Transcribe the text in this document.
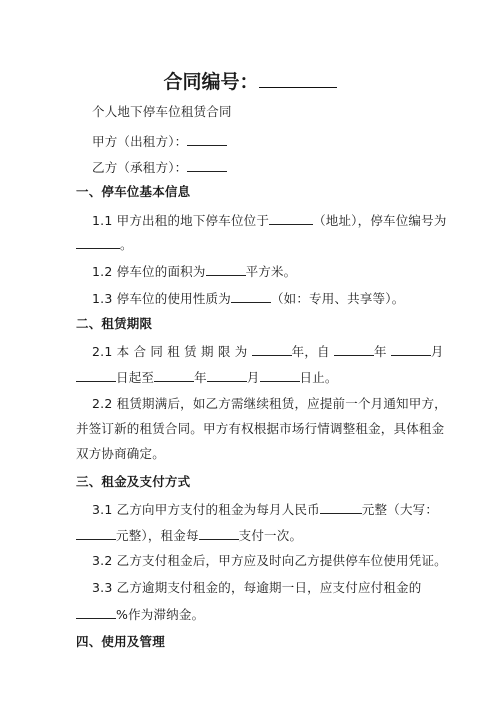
合同编号：
个人地下停车位租赁合同
甲方（出租方）：
乙方（承租方）：
一、停车位基本信息
1.1 甲方出租的地下停车位位于	（地址），停车位编号为
。
1.2 停车位的面积为	平方米。
1.3 停车位的使用性质为	（如：专用、共享等）。
二、租赁期限
2.1 本 合 同 租 赁 期 限 为	年，自	年	月
日起至	年	月	日止。
2.2 租赁期满后，如乙方需继续租赁，应提前一个月通知甲方，
并签订新的租赁合同。甲方有权根据市场行情调整租金，具体租金
双方协商确定。
三、租金及支付方式
3.1 乙方向甲方支付的租金为每月人民币	元整（大写：
元整），租金每	支付一次。
3.2 乙方支付租金后，甲方应及时向乙方提供停车位使用凭证。
3.3 乙方逾期支付租金的，每逾期一日，应支付应付租金的
%作为滞纳金。
四、使用及管理
